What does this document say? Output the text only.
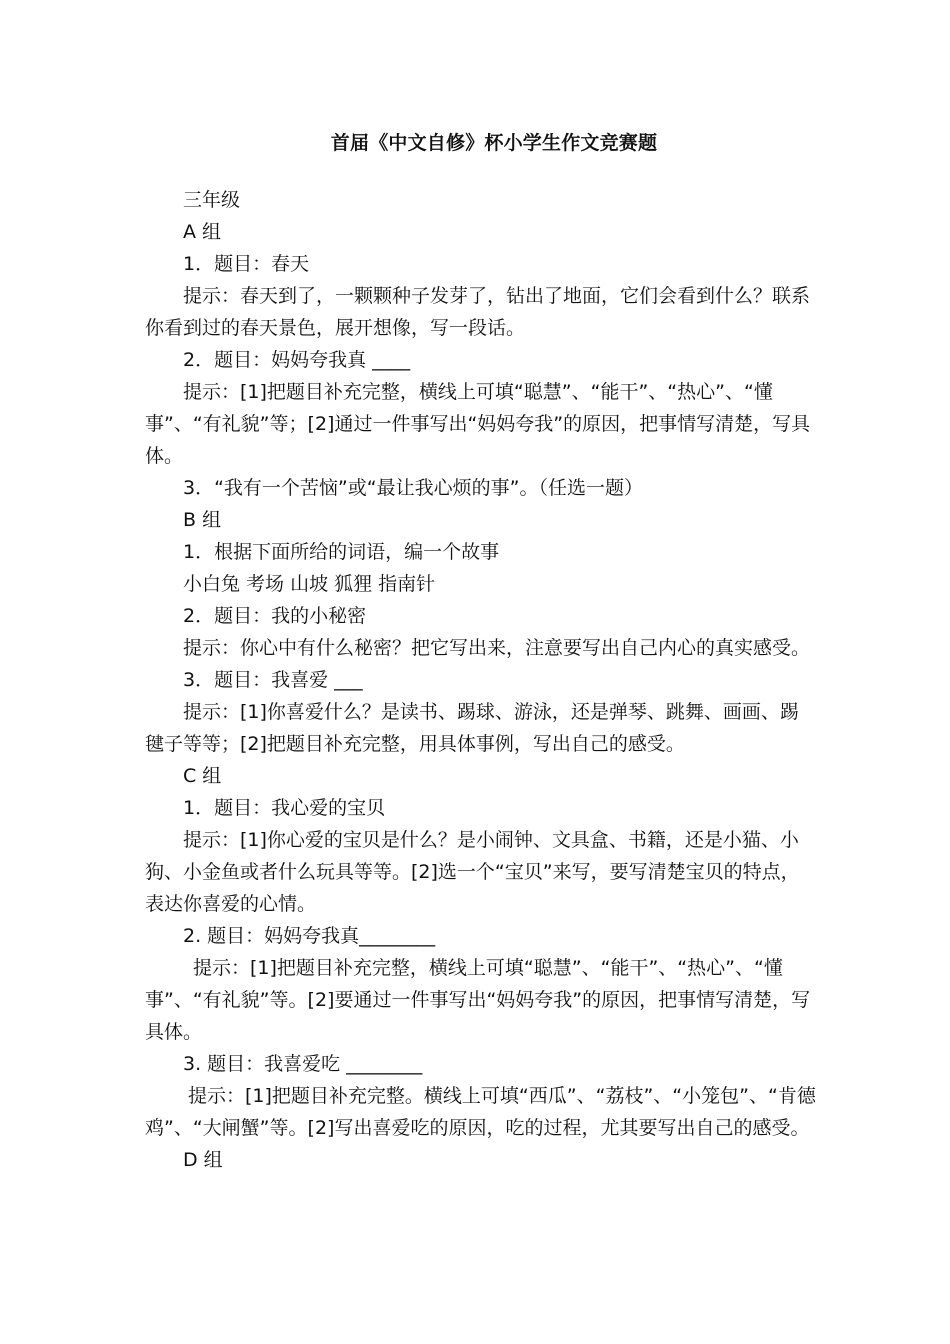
首届《中文自修》杯小学生作文竞赛题

三年级

A 组

1．题目：春天

提示：春天到了，一颗颗种子发芽了，钻出了地面，它们会看到什么？联系你看到过的春天景色，展开想像，写一段话。

2．题目：妈妈夸我真 ____

提示：[1]把题目补充完整，横线上可填“聪慧”、“能干”、“热心”、“懂事”、“有礼貌”等；[2]通过一件事写出“妈妈夸我”的原因，把事情写清楚，写具体。

3．“我有一个苦恼”或“最让我心烦的事”。（任选一题）

B 组

1．根据下面所给的词语，编一个故事

小白兔 考场 山坡 狐狸 指南针

2．题目：我的小秘密

提示：你心中有什么秘密？把它写出来，注意要写出自己内心的真实感受。

3．题目：我喜爱 ___

提示：[1]你喜爱什么？是读书、踢球、游泳，还是弹琴、跳舞、画画、踢毽子等等；[2]把题目补充完整，用具体事例，写出自己的感受。

C 组

1．题目：我心爱的宝贝

提示：[1]你心爱的宝贝是什么？是小闹钟、文具盒、书籍，还是小猫、小狗、小金鱼或者什么玩具等等。[2]选一个“宝贝”来写，要写清楚宝贝的特点，表达你喜爱的心情。

2. 题目：妈妈夸我真________

提示：[1]把题目补充完整，横线上可填“聪慧”、“能干”、“热心”、“懂事”、“有礼貌”等。[2]要通过一件事写出“妈妈夸我”的原因，把事情写清楚，写具体。

3. 题目：我喜爱吃 ________

提示：[1]把题目补充完整。横线上可填“西瓜”、“荔枝”、“小笼包”、“肯德鸡”、“大闸蟹”等。[2]写出喜爱吃的原因，吃的过程，尤其要写出自己的感受。

D 组
